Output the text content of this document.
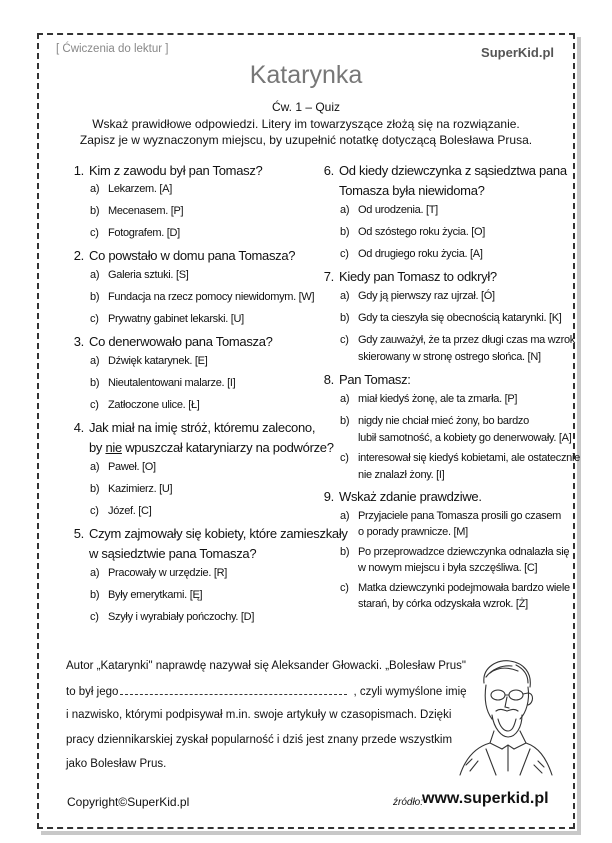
[ Ćwiczenia do lektur ]	SuperKid.pl
Katarynka
Ćw. 1 – Quiz
Wskaż prawidłowe odpowiedzi. Litery im towarzyszące złożą się na rozwiązanie.
Zapisz je w wyznaczonym miejscu, by uzupełnić notatkę dotyczącą Bolesława Prusa.
1. Kim z zawodu był pan Tomasz?
a) Lekarzem. [A]
b) Mecenasem. [P]
c) Fotografem. [D]
2. Co powstało w domu pana Tomasza?
a) Galeria sztuki. [S]
b) Fundacja na rzecz pomocy niewidomym. [W]
c) Prywatny gabinet lekarski. [U]
3. Co denerwowało pana Tomasza?
a) Dźwięk katarynek. [E]
b) Nieutalentowani malarze. [I]
c) Zatłoczone ulice. [Ł]
4. Jak miał na imię stróż, któremu zalecono,
by nie wpuszczał kataryniarzy na podwórze?
a) Paweł. [O]
b) Kazimierz. [U]
c) Józef. [C]
5. Czym zajmowały się kobiety, które zamieszkały
w sąsiedztwie pana Tomasza?
a) Pracowały w urzędzie. [R]
b) Były emerytkami. [Ę]
c) Szyły i wyrabiały pończochy. [D]
6. Od kiedy dziewczynka z sąsiedztwa pana
Tomasza była niewidoma?
a) Od urodzenia. [T]
b) Od szóstego roku życia. [O]
c) Od drugiego roku życia. [A]
7. Kiedy pan Tomasz to odkrył?
a) Gdy ją pierwszy raz ujrzał. [Ó]
b) Gdy ta cieszyła się obecnością katarynki. [K]
c) Gdy zauważył, że ta przez długi czas ma wzrok
skierowany w stronę ostrego słońca. [N]
8. Pan Tomasz:
a) miał kiedyś żonę, ale ta zmarła. [P]
b) nigdy nie chciał mieć żony, bo bardzo
lubił samotność, a kobiety go denerwowały. [A]
c) interesował się kiedyś kobietami, ale ostatecznie
nie znalazł żony. [I]
9. Wskaż zdanie prawdziwe.
a) Przyjaciele pana Tomasza prosili go czasem
o porady prawnicze. [M]
b) Po przeprowadzce dziewczynka odnalazła się
w nowym miejscu i była szczęśliwa. [C]
c) Matka dziewczynki podejmowała bardzo wiele
starań, by córka odzyskała wzrok. [Ż]
Autor „Katarynki" naprawdę nazywał się Aleksander Głowacki. „Bolesław Prus"
to był jego	, czyli wymyślone imię
i nazwisko, którymi podpisywał m.in. swoje artykuły w czasopismach. Dzięki
pracy dziennikarskiej zyskał popularność i dziś jest znany przede wszystkim
jako Bolesław Prus.
Copyright©SuperKid.pl	źródło:
www.superkid.pl
